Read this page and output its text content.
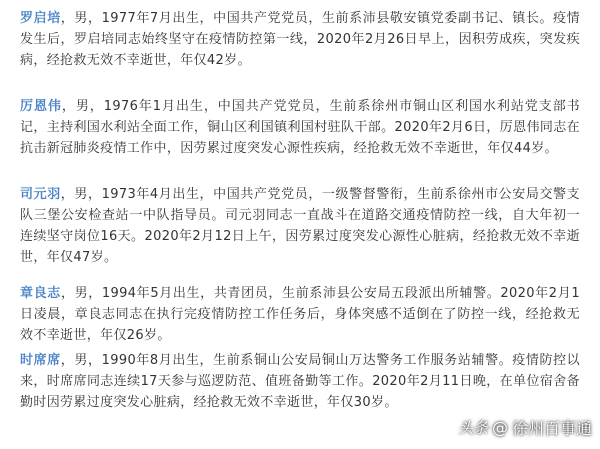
罗启培，男，1977年7月出生，中国共产党党员，生前系沛县敬安镇党委副书记、镇长。疫情发生后，罗启培同志始终坚守在疫情防控第一线，2020年2月26日早上，因积劳成疾，突发疾病，经抢救无效不幸逝世，年仅42岁。

厉恩伟，男，1976年1月出生，中国共产党党员，生前系徐州市铜山区利国水利站党支部书记，主持利国水利站全面工作，铜山区利国镇利国村驻队干部。2020年2月6日，厉恩伟同志在抗击新冠肺炎疫情工作中，因劳累过度突发心源性疾病，经抢救无效不幸逝世，年仅44岁。

司元羽，男，1973年4月出生，中国共产党党员，一级警督警衔，生前系徐州市公安局交警支队三堡公安检查站一中队指导员。司元羽同志一直战斗在道路交通疫情防控一线，自大年初一连续坚守岗位16天。2020年2月12日上午，因劳累过度突发心源性心脏病，经抢救无效不幸逝世，年仅47岁。

章良志，男，1994年5月出生，共青团员，生前系沛县公安局五段派出所辅警。2020年2月1日凌晨，章良志同志在执行完疫情防控工作任务后，身体突感不适倒在了防控一线，经抢救无效不幸逝世，年仅26岁。

时席席，男，1990年8月出生，生前系铜山公安局铜山万达警务工作服务站辅警。疫情防控以来，时席席同志连续17天参与巡逻防范、值班备勤等工作。2020年2月11日晚，在单位宿舍备勤时因劳累过度突发心脏病，经抢救无效不幸逝世，年仅30岁。

头条 @ 徐州百事通
